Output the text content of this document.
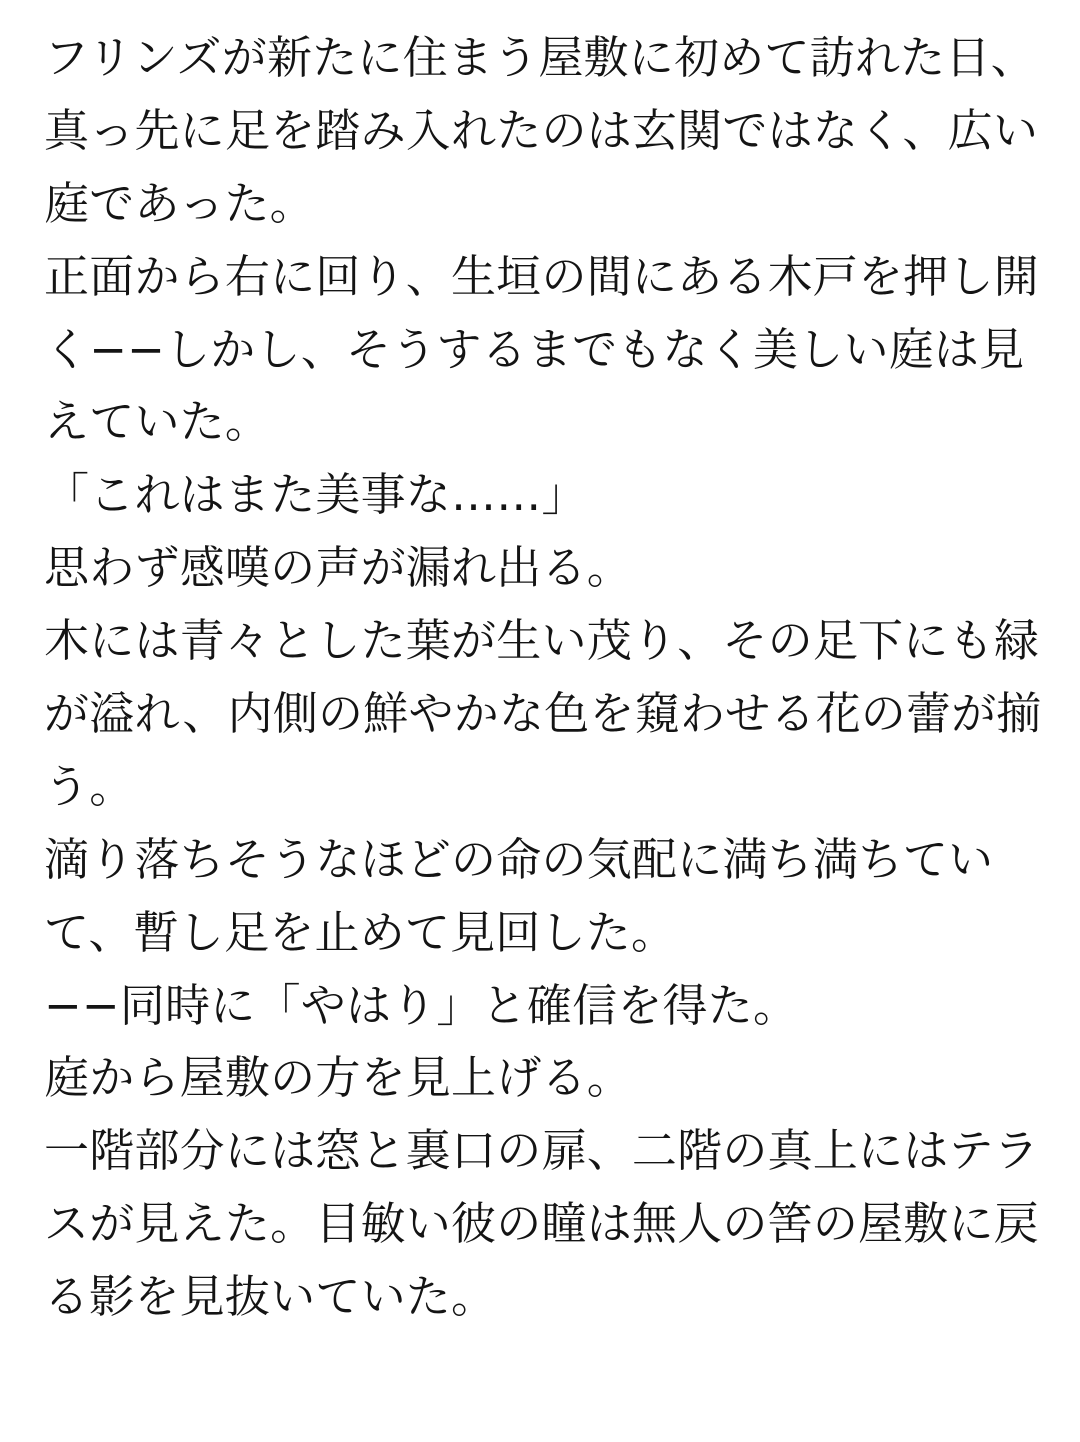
フリンズが新たに住まう屋敷に初めて訪れた日、真っ先に足を踏み入れたのは玄関ではなく、広い庭であった。

正面から右に回り、生垣の間にある木戸を押し開く−−しかし、そうするまでもなく美しい庭は見えていた。

「これはまた美事な……」

思わず感嘆の声が漏れ出る。

木には青々とした葉が生い茂り、その足下にも緑が溢れ、内側の鮮やかな色を窺わせる花の蕾が揃う。

滴り落ちそうなほどの命の気配に満ち満ちていて、暫し足を止めて見回した。

−−同時に「やはり」と確信を得た。

庭から屋敷の方を見上げる。

一階部分には窓と裏口の扉、二階の真上にはテラスが見えた。目敏い彼の瞳は無人の筈の屋敷に戻る影を見抜いていた。
